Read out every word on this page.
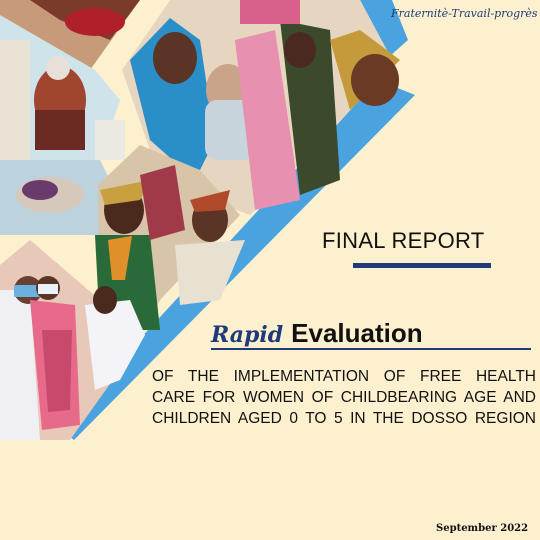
Fraternitè-Travail-progrès
FINAL REPORT
Rapid Evaluation
OF THE IMPLEMENTATION OF FREE HEALTH
CARE FOR WOMEN OF CHILDBEARING AGE AND
CHILDREN AGED 0 TO 5 IN THE DOSSO REGION
September 2022
